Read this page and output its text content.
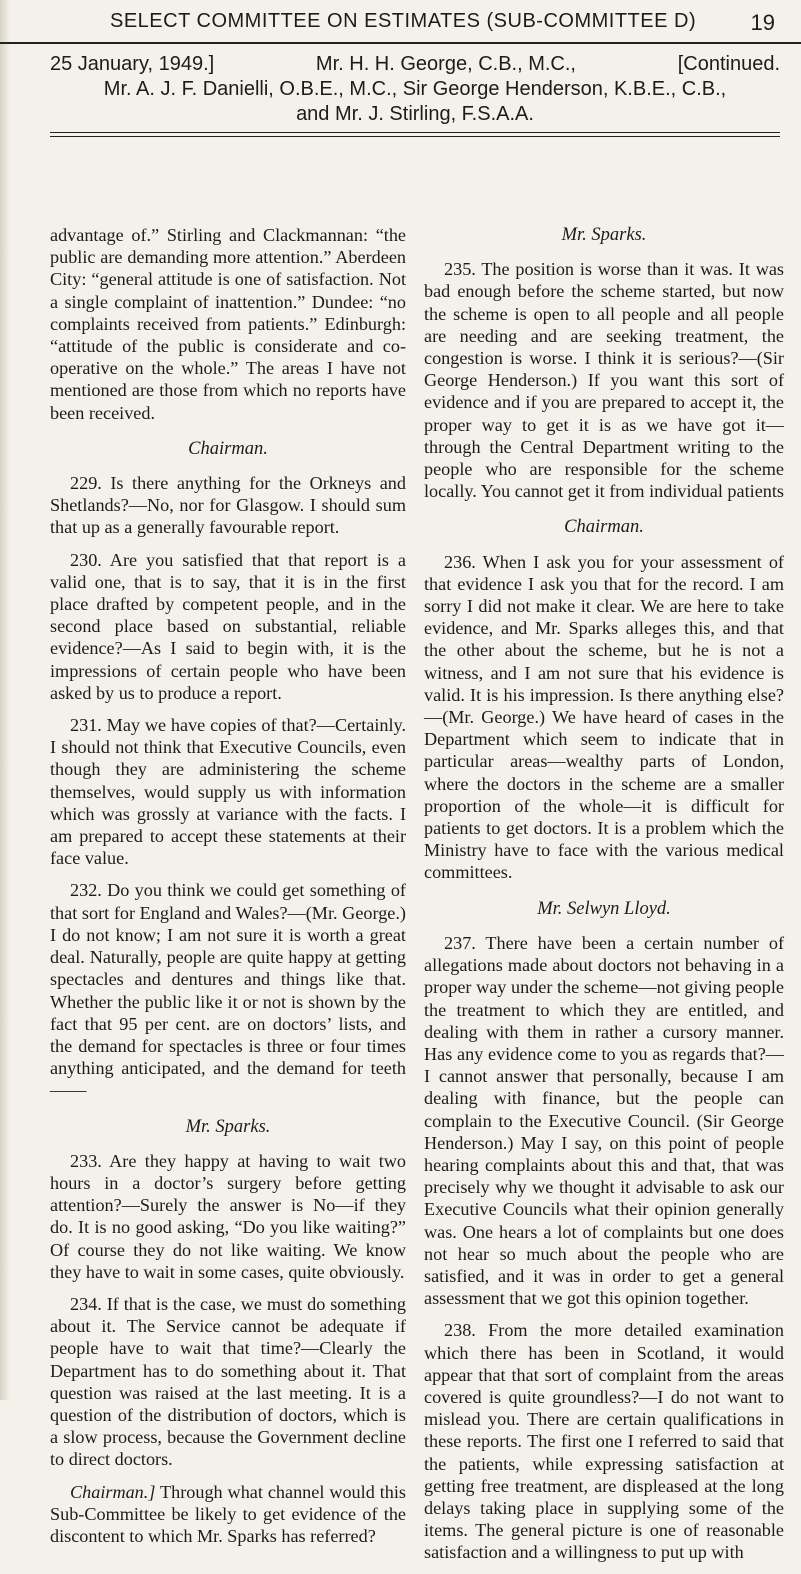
SELECT COMMITTEE ON ESTIMATES (SUB-COMMITTEE D) 19
25 January, 1949.]	Mr. H. H. George, C.B., M.C.,	[Continued.
Mr. A. J. F. Danielli, O.B.E., M.C., Sir George Henderson, K.B.E., C.B.,
and Mr. J. Stirling, F.S.A.A.

advantage of.” Stirling and Clackmannan: “the public are demanding more attention.” Aberdeen City: “general attitude is one of satisfaction. Not a single complaint of inattention.” Dundee: “no complaints received from patients.” Edinburgh: “attitude of the public is considerate and co-operative on the whole.” The areas I have not mentioned are those from which no reports have been received.

Chairman.

229. Is there anything for the Orkneys and Shetlands?—No, nor for Glasgow. I should sum that up as a generally favourable report.

230. Are you satisfied that that report is a valid one, that is to say, that it is in the first place drafted by competent people, and in the second place based on substantial, reliable evidence?—As I said to begin with, it is the impressions of certain people who have been asked by us to produce a report.

231. May we have copies of that?—Certainly. I should not think that Executive Councils, even though they are administering the scheme themselves, would supply us with information which was grossly at variance with the facts. I am prepared to accept these statements at their face value.

232. Do you think we could get something of that sort for England and Wales?—(Mr. George.) I do not know; I am not sure it is worth a great deal. Naturally, people are quite happy at getting spectacles and dentures and things like that. Whether the public like it or not is shown by the fact that 95 per cent. are on doctors’ lists, and the demand for spectacles is three or four times anything anticipated, and the demand for teeth——

Mr. Sparks.

233. Are they happy at having to wait two hours in a doctor’s surgery before getting attention?—Surely the answer is No—if they do. It is no good asking, “Do you like waiting?” Of course they do not like waiting. We know they have to wait in some cases, quite obviously.

234. If that is the case, we must do something about it. The Service cannot be adequate if people have to wait that time?—Clearly the Department has to do something about it. That question was raised at the last meeting. It is a question of the distribution of doctors, which is a slow process, because the Government decline to direct doctors.

Chairman.] Through what channel would this Sub-Committee be likely to get evidence of the discontent to which Mr. Sparks has referred?

Mr. Sparks.

235. The position is worse than it was. It was bad enough before the scheme started, but now the scheme is open to all people and all people are needing and are seeking treatment, the congestion is worse. I think it is serious?—(Sir George Henderson.) If you want this sort of evidence and if you are prepared to accept it, the proper way to get it is as we have got it—through the Central Department writing to the people who are responsible for the scheme locally. You cannot get it from individual patients

Chairman.

236. When I ask you for your assessment of that evidence I ask you that for the record. I am sorry I did not make it clear. We are here to take evidence, and Mr. Sparks alleges this, and that the other about the scheme, but he is not a witness, and I am not sure that his evidence is valid. It is his impression. Is there anything else?—(Mr. George.) We have heard of cases in the Department which seem to indicate that in particular areas—wealthy parts of London, where the doctors in the scheme are a smaller proportion of the whole—it is difficult for patients to get doctors. It is a problem which the Ministry have to face with the various medical committees.

Mr. Selwyn Lloyd.

237. There have been a certain number of allegations made about doctors not behaving in a proper way under the scheme—not giving people the treatment to which they are entitled, and dealing with them in rather a cursory manner. Has any evidence come to you as regards that?—I cannot answer that personally, because I am dealing with finance, but the people can complain to the Executive Council. (Sir George Henderson.) May I say, on this point of people hearing complaints about this and that, that was precisely why we thought it advisable to ask our Executive Councils what their opinion generally was. One hears a lot of complaints but one does not hear so much about the people who are satisfied, and it was in order to get a general assessment that we got this opinion together.

238. From the more detailed examination which there has been in Scotland, it would appear that that sort of complaint from the areas covered is quite groundless?—I do not want to mislead you. There are certain qualifications in these reports. The first one I referred to said that the patients, while expressing satisfaction at getting free treatment, are displeased at the long delays taking place in supplying some of the items. The general picture is one of reasonable satisfaction and a willingness to put up with
